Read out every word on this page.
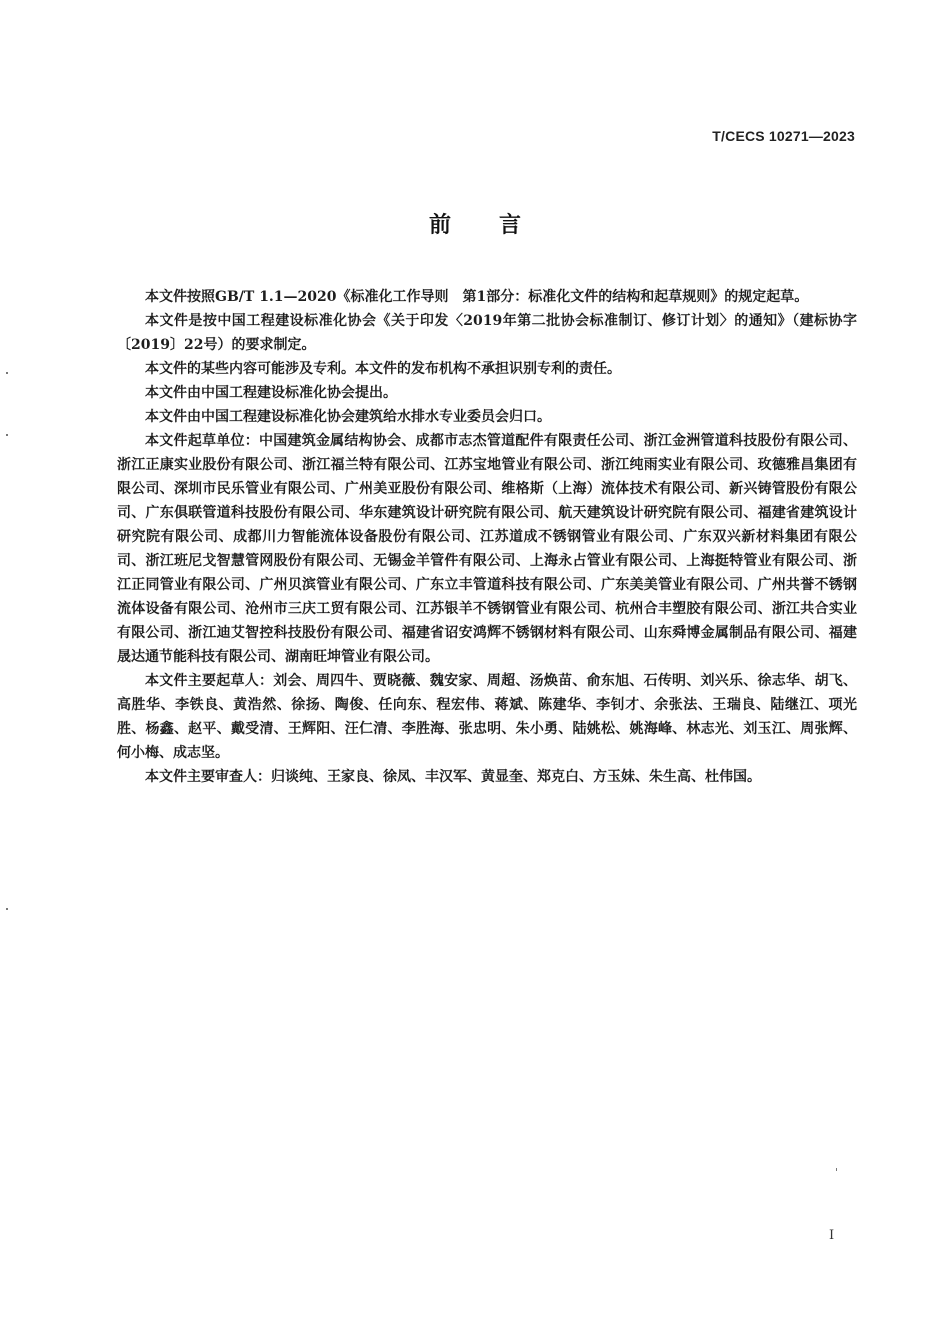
T/CECS 10271—2023
前言

本文件按照GB/T 1.1—2020《标准化工作导则　第1部分：标准化文件的结构和起草规则》的规定起草。

本文件是按中国工程建设标准化协会《关于印发〈2019年第二批协会标准制订、修订计划〉的通知》（建标协字〔2019〕22号）的要求制定。

本文件的某些内容可能涉及专利。本文件的发布机构不承担识别专利的责任。

本文件由中国工程建设标准化协会提出。

本文件由中国工程建设标准化协会建筑给水排水专业委员会归口。

本文件起草单位：中国建筑金属结构协会、成都市志杰管道配件有限责任公司、浙江金洲管道科技股份有限公司、浙江正康实业股份有限公司、浙江福兰特有限公司、江苏宝地管业有限公司、浙江纯雨实业有限公司、玫德雅昌集团有限公司、深圳市民乐管业有限公司、广州美亚股份有限公司、维格斯（上海）流体技术有限公司、新兴铸管股份有限公司、广东俱联管道科技股份有限公司、华东建筑设计研究院有限公司、航天建筑设计研究院有限公司、福建省建筑设计研究院有限公司、成都川力智能流体设备股份有限公司、江苏道成不锈钢管业有限公司、广东双兴新材料集团有限公司、浙江班尼戈智慧管网股份有限公司、无锡金羊管件有限公司、上海永占管业有限公司、上海挺特管业有限公司、浙江正同管业有限公司、广州贝滨管业有限公司、广东立丰管道科技有限公司、广东美美管业有限公司、广州共誉不锈钢流体设备有限公司、沧州市三庆工贸有限公司、江苏银羊不锈钢管业有限公司、杭州合丰塑胶有限公司、浙江共合实业有限公司、浙江迪艾智控科技股份有限公司、福建省诏安鸿辉不锈钢材料有限公司、山东舜博金属制品有限公司、福建晟达通节能科技有限公司、湖南旺坤管业有限公司。

本文件主要起草人：刘会、周四牛、贾晓薇、魏安家、周超、汤焕苗、俞东旭、石传明、刘兴乐、徐志华、胡飞、高胜华、李铁良、黄浩然、徐扬、陶俊、任向东、程宏伟、蒋斌、陈建华、李钊才、余张法、王瑞良、陆继江、项光胜、杨鑫、赵平、戴受清、王辉阳、汪仁清、李胜海、张忠明、朱小勇、陆姚松、姚海峰、林志光、刘玉江、周张辉、何小梅、成志坚。

本文件主要审查人：归谈纯、王家良、徐凤、丰汉军、黄显奎、郑克白、方玉妹、朱生高、杜伟国。

I
